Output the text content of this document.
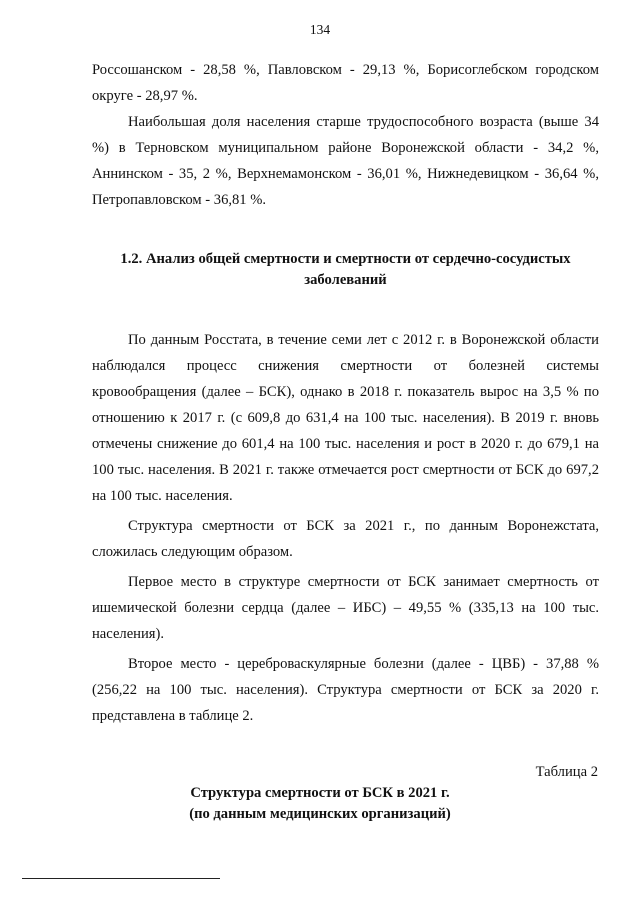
134

Россошанском - 28,58 %, Павловском - 29,13 %, Борисоглебском городском округе - 28,97 %.

Наибольшая доля населения старше трудоспособного возраста (выше 34 %) в Терновском муниципальном районе Воронежской области - 34,2 %, Аннинском - 35, 2 %, Верхнемамонском - 36,01 %, Нижнедевицком - 36,64 %, Петропавловском - 36,81 %.

1.2. Анализ общей смертности и смертности от сердечно-сосудистых
заболеваний

По данным Росстата, в течение семи лет с 2012 г. в Воронежской области наблюдался процесс снижения смертности от болезней системы кровообращения (далее – БСК), однако в 2018 г. показатель вырос на 3,5 % по отношению к 2017 г. (с 609,8 до 631,4 на 100 тыс. населения). В 2019 г. вновь отмечены снижение до 601,4 на 100 тыс. населения и рост в 2020 г. до 679,1 на 100 тыс. населения. В 2021 г. также отмечается рост смертности от БСК до 697,2 на 100 тыс. населения.

Структура смертности от БСК за 2021 г., по данным Воронежстата, сложилась следующим образом.

Первое место в структуре смертности от БСК занимает смертность от ишемической болезни сердца (далее – ИБС) – 49,55 % (335,13 на 100 тыс. населения).

Второе место - цереброваскулярные болезни (далее - ЦВБ) - 37,88 % (256,22 на 100 тыс. населения). Структура смертности от БСК за 2020 г. представлена в таблице 2.

Таблица 2
Структура смертности от БСК в 2021 г.
(по данным медицинских организаций)
